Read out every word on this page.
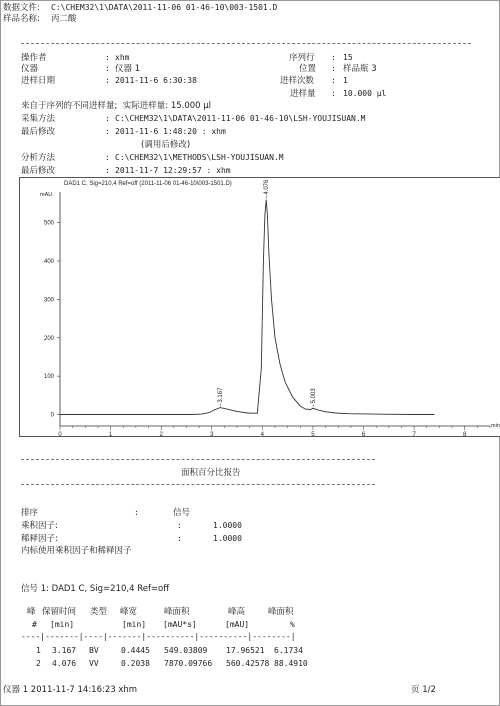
数据文件: C:\CHEM32\1\DATA\2011-11-06 01-46-10\003-1501.D
样品名称: 丙二酸
操作者	: xhm	序列行 : 15
仪器	: 仪器 1	位置 : 样品瓶 3
进样日期	: 2011-11-6 6:30:38	进样次数 : 1
进样量 : 10.000 μl
来自于序列的不同进样量;  实际进样量: 15.000 μl
采集方法	: C:\CHEM32\1\DATA\2011-11-06 01-46-10\LSH-YOUJISUAN.M
最后修改	: 2011-11-6 1:48:20 : xhm
(调用后修改)
分析方法	: C:\CHEM32\1\METHODS\LSH-YOUJISUAN.M
最后修改	: 2011-11-7 12:29:57 : xhm
DAD1 C, Sig=210,4 Ref=off (2011-11-06 01-46-10\003-1501.D)
mAU
min
0
100
200
300
400
500
0	1	2	3	4	5	6	7	8
3.167
4.076
5.003
面积百分比报告
排序	:	信号
乘积因子:	:	1.0000
稀释因子:	:	1.0000
内标使用乘积因子和稀释因子
信号 1: DAD1 C, Sig=210,4 Ref=off
峰 保留时间 类型 峰宽	峰面积	峰高	峰面积
# [min]	[min] [mAU*s]	[mAU]	%
----|-------|----|-------|----------|----------|--------|
1 3.167 BV	0.4445 549.03809 17.96521 6.1734
2 4.076 VV	0.2038 7870.09766 560.42578 88.4910
仪器 1 2011-11-7 14:16:23 xhm	页 1/2
